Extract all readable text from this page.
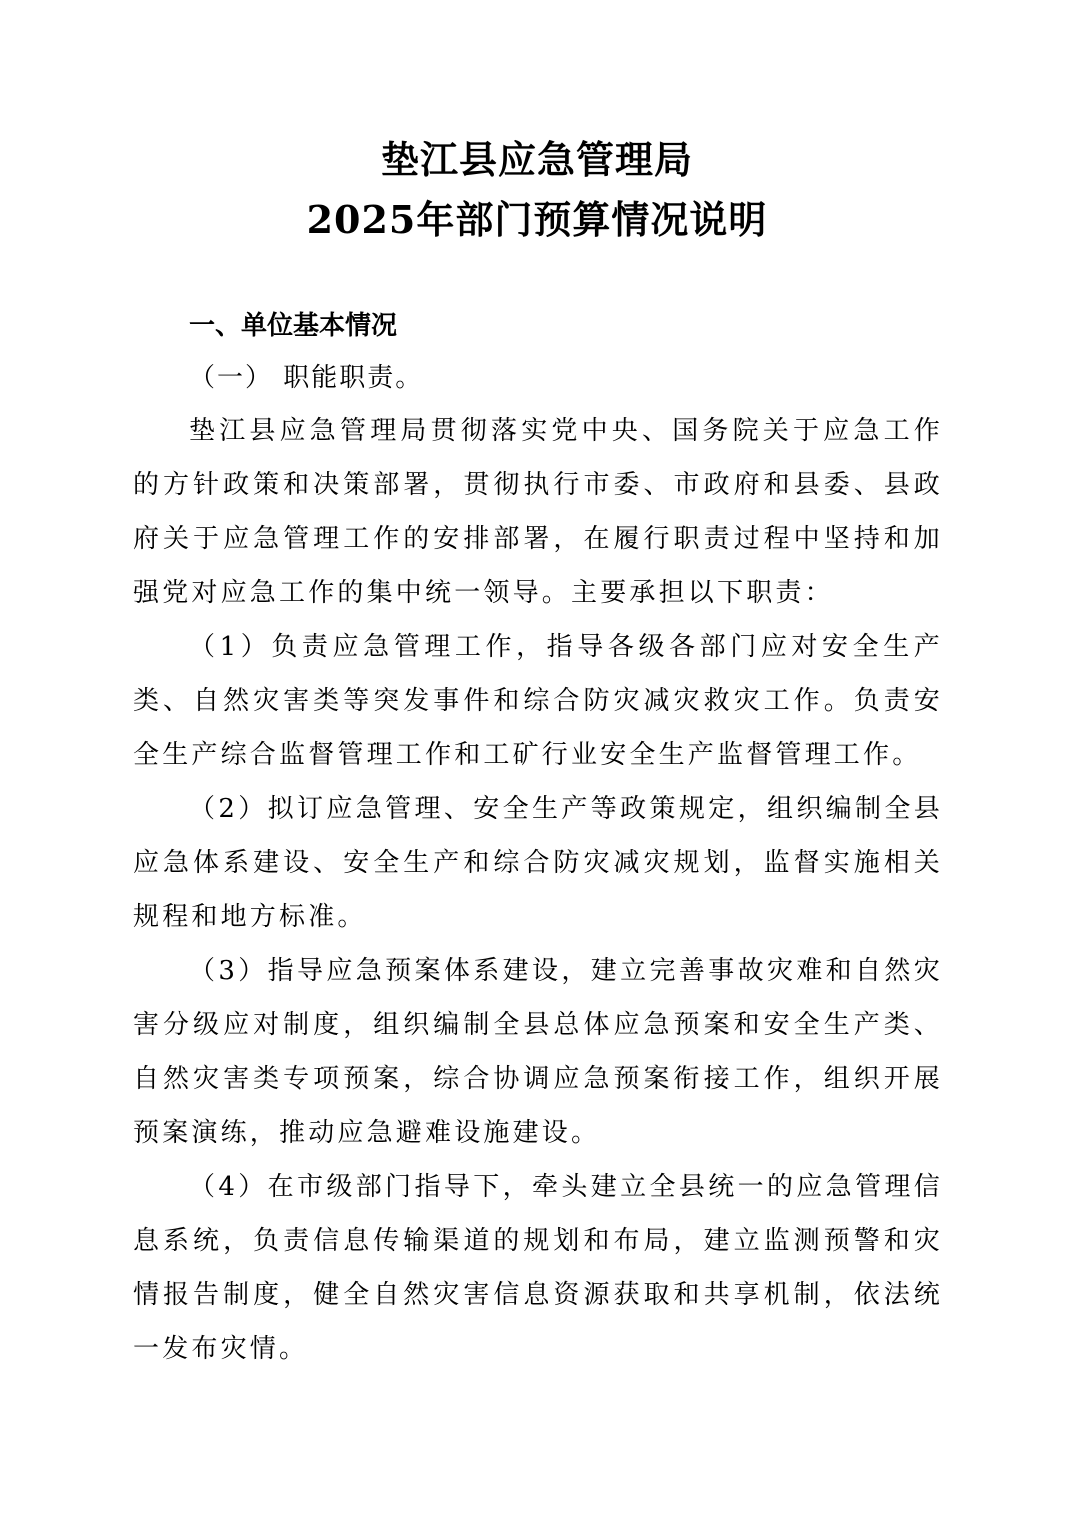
垫江县应急管理局
2025年部门预算情况说明
一、单位基本情况
（一） 职能职责。

垫江县应急管理局贯彻落实党中央、国务院关于应急工作的方针政策和决策部署，贯彻执行市委、市政府和县委、县政府关于应急管理工作的安排部署，在履行职责过程中坚持和加强党对应急工作的集中统一领导。主要承担以下职责：

（1）负责应急管理工作，指导各级各部门应对安全生产类、自然灾害类等突发事件和综合防灾减灾救灾工作。负责安全生产综合监督管理工作和工矿行业安全生产监督管理工作。

（2）拟订应急管理、安全生产等政策规定，组织编制全县应急体系建设、安全生产和综合防灾减灾规划，监督实施相关规程和地方标准。

（3）指导应急预案体系建设，建立完善事故灾难和自然灾害分级应对制度，组织编制全县总体应急预案和安全生产类、自然灾害类专项预案，综合协调应急预案衔接工作，组织开展预案演练，推动应急避难设施建设。

（4）在市级部门指导下，牵头建立全县统一的应急管理信息系统，负责信息传输渠道的规划和布局，建立监测预警和灾情报告制度，健全自然灾害信息资源获取和共享机制，依法统一发布灾情。
